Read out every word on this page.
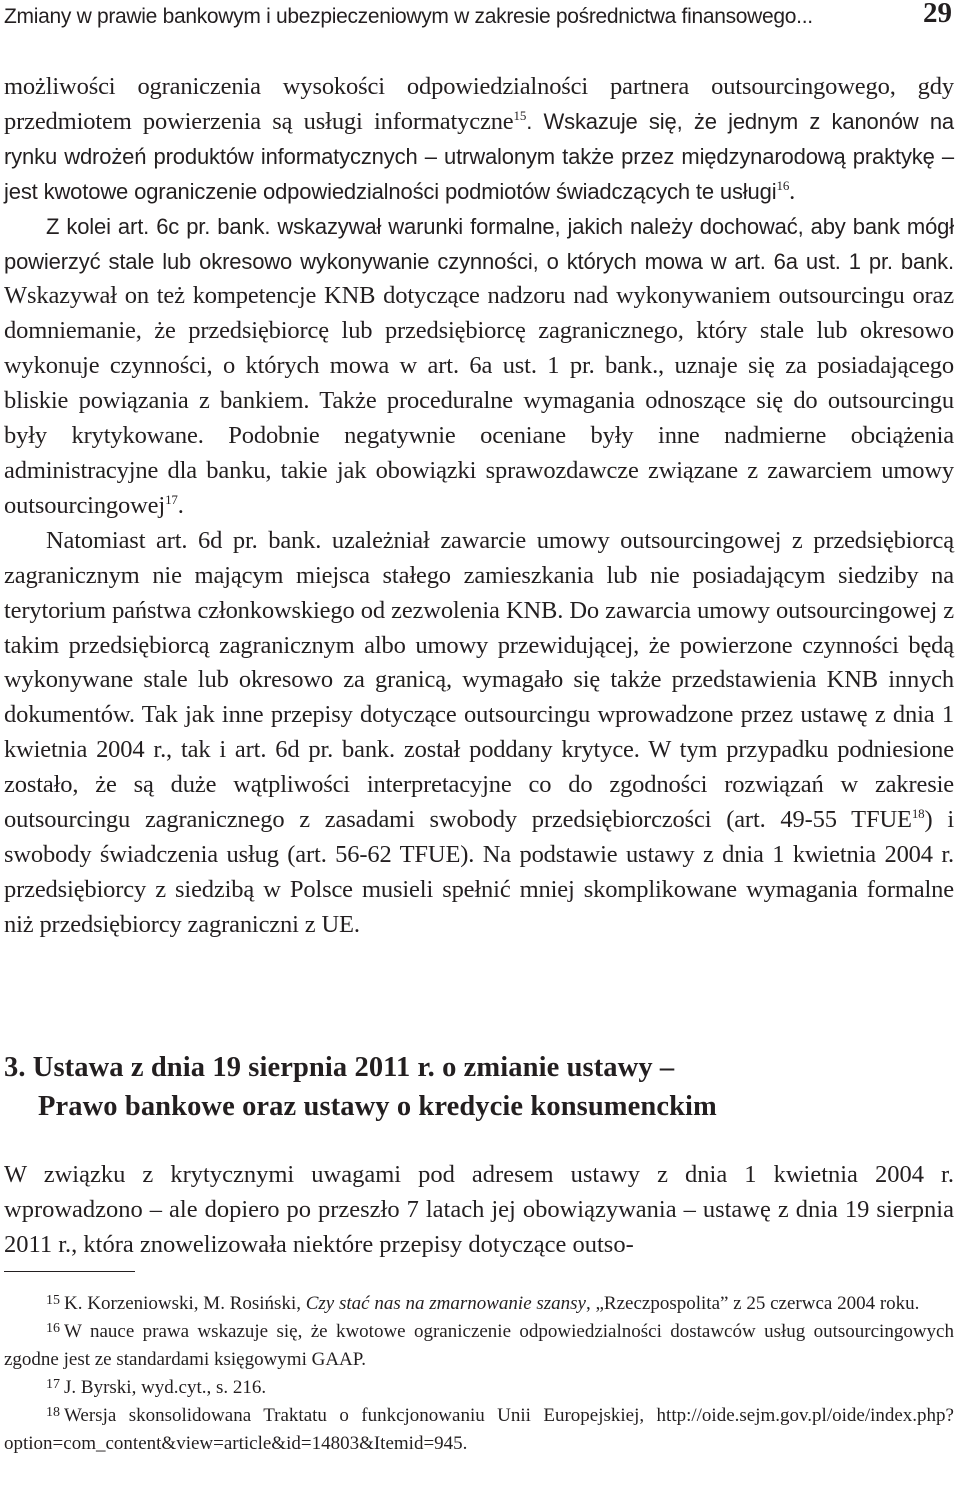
Zmiany w prawie bankowym i ubezpieczeniowym w zakresie pośrednictwa finansowego...	29

możliwości ograniczenia wysokości odpowiedzialności partnera outsourcingowego, gdy przedmiotem powierzenia są usługi informatyczne$^{15}$. Wskazuje się, że jednym z kanonów na rynku wdrożeń produktów informatycznych – utrwalonym także przez międzynarodową praktykę – jest kwotowe ograniczenie odpowiedzialności podmiotów świadczących te usługi$^{16}$.

Z kolei art. 6c pr. bank. wskazywał warunki formalne, jakich należy dochować, aby bank mógł powierzyć stale lub okresowo wykonywanie czynności, o których mowa w art. 6a ust. 1 pr. bank. Wskazywał on też kompetencje KNB dotyczące nadzoru nad wykonywaniem outsourcingu oraz domniemanie, że przedsiębiorcę lub przedsiębiorcę zagranicznego, który stale lub okresowo wykonuje czynności, o których mowa w art. 6a ust. 1 pr. bank., uznaje się za posiadającego bliskie powiązania z bankiem. Także proceduralne wymagania odnoszące się do outsourcingu były krytykowane. Podobnie negatywnie oceniane były inne nadmierne obciążenia administracyjne dla banku, takie jak obowiązki sprawozdawcze związane z zawarciem umowy outsourcingowej$^{17}$.

Natomiast art. 6d pr. bank. uzależniał zawarcie umowy outsourcingowej z przedsiębiorcą zagranicznym nie mającym miejsca stałego zamieszkania lub nie posiadającym siedziby na terytorium państwa członkowskiego od zezwolenia KNB. Do zawarcia umowy outsourcingowej z takim przedsiębiorcą zagranicznym albo umowy przewidującej, że powierzone czynności będą wykonywane stale lub okresowo za granicą, wymagało się także przedstawienia KNB innych dokumentów. Tak jak inne przepisy dotyczące outsourcingu wprowadzone przez ustawę z dnia 1 kwietnia 2004 r., tak i art. 6d pr. bank. został poddany krytyce. W tym przypadku podniesione zostało, że są duże wątpliwości interpretacyjne co do zgodności rozwiązań w zakresie outsourcingu zagranicznego z zasadami swobody przedsiębiorczości (art. 49-55 TFUE$^{18}$) i swobody świadczenia usług (art. 56-62 TFUE). Na podstawie ustawy z dnia 1 kwietnia 2004 r. przedsiębiorcy z siedzibą w Polsce musieli spełnić mniej skomplikowane wymagania formalne niż przedsiębiorcy zagraniczni z UE.

3. Ustawa z dnia 19 sierpnia 2011 r. o zmianie ustawy –
Prawo bankowe oraz ustawy o kredycie konsumenckim

W związku z krytycznymi uwagami pod adresem ustawy z dnia 1 kwietnia 2004 r. wprowadzono – ale dopiero po przeszło 7 latach jej obowiązywania – ustawę z dnia 19 sierpnia 2011 r., która znowelizowała niektóre przepisy dotyczące outso-

15 K. Korzeniowski, M. Rosiński, Czy stać nas na zmarnowanie szansy, „Rzeczpospolita” z 25 czerwca 2004 roku.

16 W nauce prawa wskazuje się, że kwotowe ograniczenie odpowiedzialności dostawców usług outsourcingowych zgodne jest ze standardami księgowymi GAAP.

17 J. Byrski, wyd.cyt., s. 216.

18 Wersja skonsolidowana Traktatu o funkcjonowaniu Unii Europejskiej, http://oide.sejm.gov.pl/oide/index.php?option=com_content&view=article&id=14803&Itemid=945.
